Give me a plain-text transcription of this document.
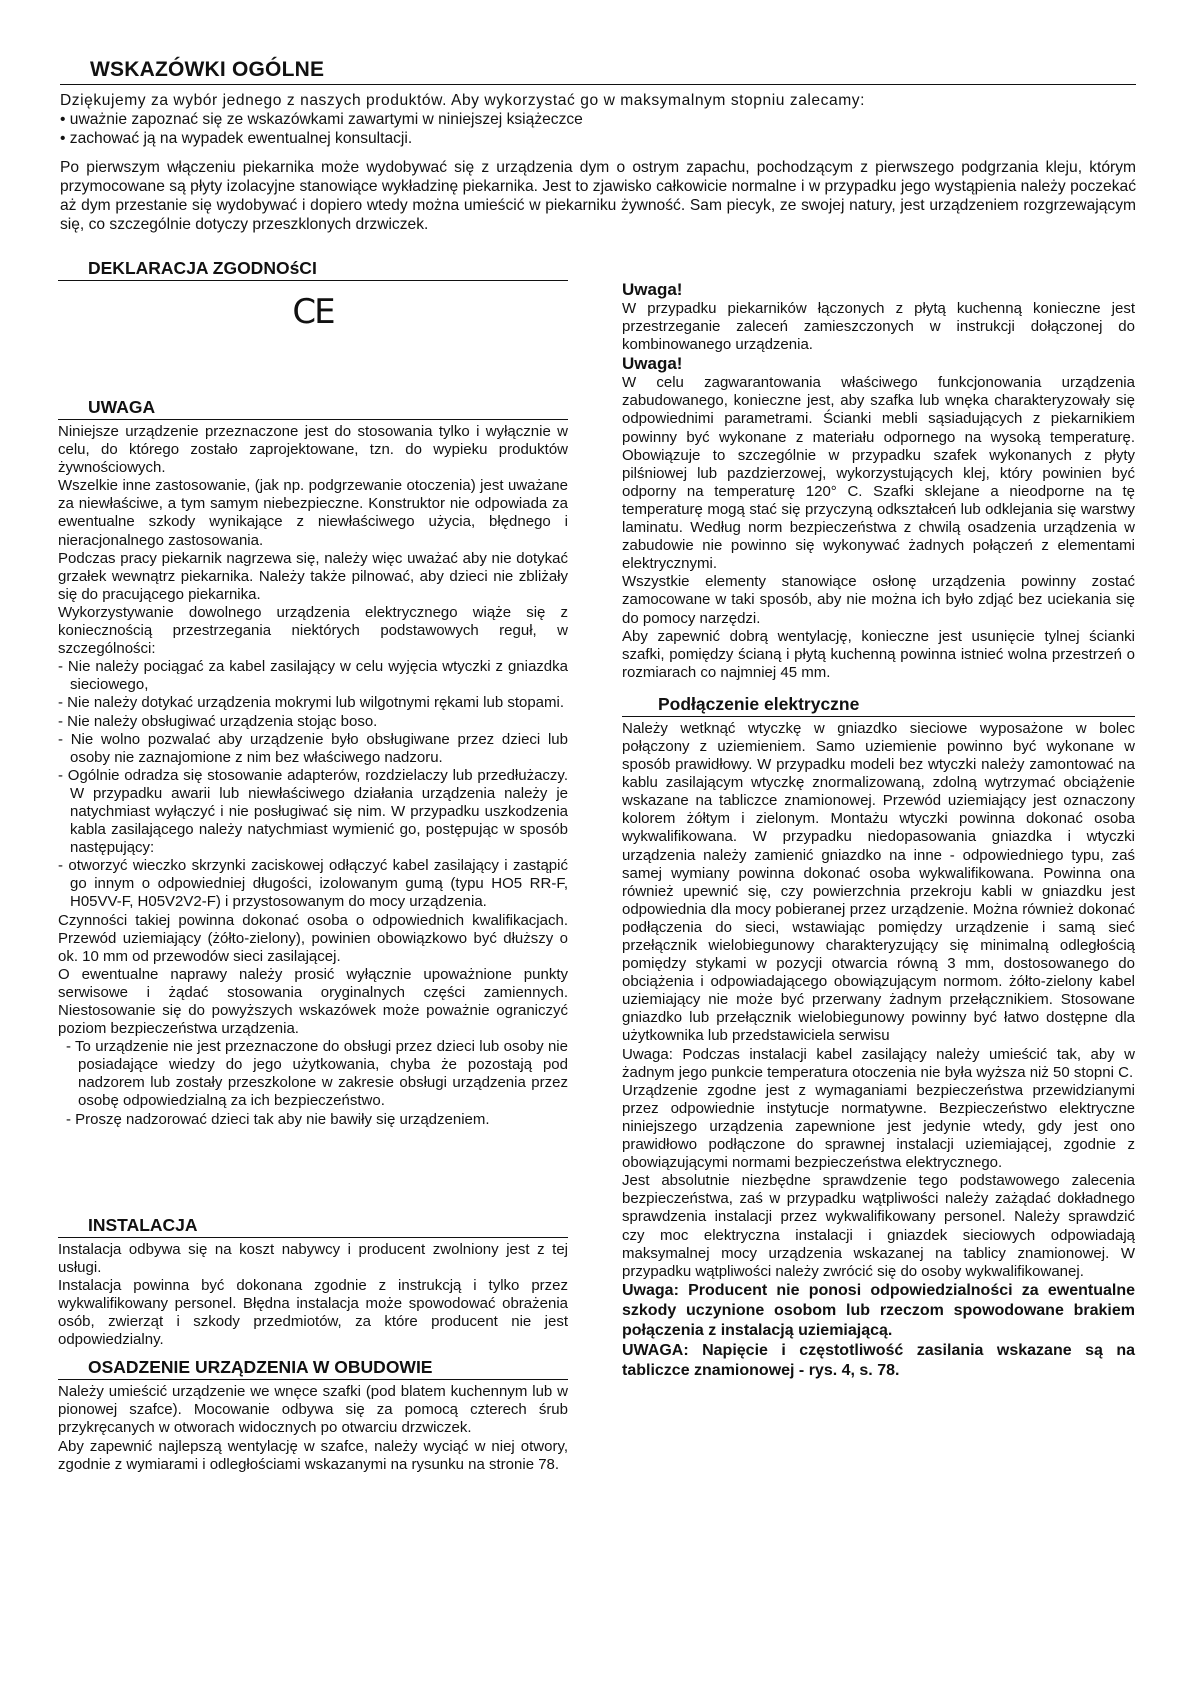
WSKAZÓWKI OGÓLNE

Dziękujemy za wybór jednego z naszych produktów. Aby wykorzystać go w maksymalnym stopniu zalecamy:

• uważnie zapoznać się ze wskazówkami zawartymi w niniejszej książeczce

• zachować ją na wypadek ewentualnej konsultacji.

Po pierwszym włączeniu piekarnika może wydobywać się z urządzenia dym o ostrym zapachu, pochodzącym z pierwszego podgrzania kleju, którym przymocowane są płyty izolacyjne stanowiące wykładzinę piekarnika. Jest to zjawisko całkowicie normalne i w przypadku jego wystąpienia należy poczekać aż dym przestanie się wydobywać i dopiero wtedy można umieścić w piekarniku żywność. Sam piecyk, ze swojej natury, jest urządzeniem rozgrzewającym się, co szczególnie dotyczy przeszklonych drzwiczek.

DEKLARACJA ZGODNOśCI
CE
UWAGA

Niniejsze urządzenie przeznaczone jest do stosowania tylko i wyłącznie w celu, do którego zostało zaprojektowane, tzn. do wypieku produktów żywnościowych.

Wszelkie inne zastosowanie, (jak np. podgrzewanie otoczenia) jest uważane za niewłaściwe, a tym samym niebezpieczne. Konstruktor nie odpowiada za ewentualne szkody wynikające z niewłaściwego użycia, błędnego i nieracjonalnego zastosowania.

Podczas pracy piekarnik nagrzewa się, należy więc uważać aby nie dotykać grzałek wewnątrz piekarnika. Należy także pilnować, aby dzieci nie zbliżały się do pracującego piekarnika.

Wykorzystywanie dowolnego urządzenia elektrycznego wiąże się z koniecznością przestrzegania niektórych podstawowych reguł, w szczególności:

- Nie należy pociągać za kabel zasilający w celu wyjęcia wtyczki z gniazdka sieciowego,
- Nie należy dotykać urządzenia mokrymi lub wilgotnymi rękami lub stopami.
- Nie należy obsługiwać urządzenia stojąc boso.
- Nie wolno pozwalać aby urządzenie było obsługiwane przez dzieci lub osoby nie zaznajomione z nim bez właściwego nadzoru.
- Ogólnie odradza się stosowanie adapterów, rozdzielaczy lub przedłużaczy. W przypadku awarii lub niewłaściwego działania urządzenia należy je natychmiast wyłączyć i nie posługiwać się nim. W przypadku uszkodzenia kabla zasilającego należy natychmiast wymienić go, postępując w sposób następujący:
- otworzyć wieczko skrzynki zaciskowej odłączyć kabel zasilający i zastąpić go innym o odpowiedniej długości, izolowanym gumą (typu HO5 RR-F, H05VV-F, H05V2V2-F) i przystosowanym do mocy urządzenia.

Czynności takiej powinna dokonać osoba o odpowiednich kwalifikacjach. Przewód uziemiający (żółto-zielony), powinien obowiązkowo być dłuższy o ok. 10 mm od przewodów sieci zasilającej.

O ewentualne naprawy należy prosić wyłącznie upoważnione punkty serwisowe i żądać stosowania oryginalnych części zamiennych. Niestosowanie się do powyższych wskazówek może poważnie ograniczyć poziom bezpieczeństwa urządzenia.

- To urządzenie nie jest przeznaczone do obsługi przez dzieci lub osoby nie posiadające wiedzy do jego użytkowania, chyba że pozostają pod nadzorem lub zostały przeszkolone w zakresie obsługi urządzenia przez osobę odpowiedzialną za ich bezpieczeństwo.
- Proszę nadzorować dzieci tak aby nie bawiły się urządzeniem.
INSTALACJA

Instalacja odbywa się na koszt nabywcy i producent zwolniony jest z tej usługi.

Instalacja powinna być dokonana zgodnie z instrukcją i tylko przez wykwalifikowany personel. Błędna instalacja może spowodować obrażenia osób, zwierząt i szkody przedmiotów, za które producent nie jest odpowiedzialny.

OSADZENIE URZĄDZENIA W OBUDOWIE

Należy umieścić urządzenie we wnęce szafki (pod blatem kuchennym lub w pionowej szafce). Mocowanie odbywa się za pomocą czterech śrub przykręcanych w otworach widocznych po otwarciu drzwiczek.

Aby zapewnić najlepszą wentylację w szafce, należy wyciąć w niej otwory, zgodnie z wymiarami i odległościami wskazanymi na rysunku na stronie 78.

Uwaga!

W przypadku piekarników łączonych z płytą kuchenną konieczne jest przestrzeganie zaleceń zamieszczonych w instrukcji dołączonej do kombinowanego urządzenia.

Uwaga!

W celu zagwarantowania właściwego funkcjonowania urządzenia zabudowanego, konieczne jest, aby szafka lub wnęka charakteryzowały się odpowiednimi parametrami. Ścianki mebli sąsiadujących z piekarnikiem powinny być wykonane z materiału odpornego na wysoką temperaturę. Obowiązuje to szczególnie w przypadku szafek wykonanych z płyty pilśniowej lub pazdzierzowej, wykorzystujących klej, który powinien być odporny na temperaturę 120° C. Szafki sklejane a nieodporne na tę temperaturę mogą stać się przyczyną odkształceń lub odklejania się warstwy laminatu. Według norm bezpieczeństwa z chwilą osadzenia urządzenia w zabudowie nie powinno się wykonywać żadnych połączeń z elementami elektrycznymi.

Wszystkie elementy stanowiące osłonę urządzenia powinny zostać zamocowane w taki sposób, aby nie można ich było zdjąć bez uciekania się do pomocy narzędzi.

Aby zapewnić dobrą wentylację, konieczne jest usunięcie tylnej ścianki szafki, pomiędzy ścianą i płytą kuchenną powinna istnieć wolna przestrzeń o rozmiarach co najmniej 45 mm.

Podłączenie elektryczne

Należy wetknąć wtyczkę w gniazdko sieciowe wyposażone w bolec połączony z uziemieniem. Samo uziemienie powinno być wykonane w sposób prawidłowy. W przypadku modeli bez wtyczki należy zamontować na kablu zasilającym wtyczkę znormalizowaną, zdolną wytrzymać obciążenie wskazane na tabliczce znamionowej. Przewód uziemiający jest oznaczony kolorem żółtym i zielonym. Montażu wtyczki powinna dokonać osoba wykwalifikowana. W przypadku niedopasowania gniazdka i wtyczki urządzenia należy zamienić gniazdko na inne - odpowiedniego typu, zaś samej wymiany powinna dokonać osoba wykwalifikowana. Powinna ona również upewnić się, czy powierzchnia przekroju kabli w gniazdku jest odpowiednia dla mocy pobieranej przez urządzenie. Można również dokonać podłączenia do sieci, wstawiając pomiędzy urządzenie i samą sieć przełącznik wielobiegunowy charakteryzujący się minimalną odległością pomiędzy stykami w pozycji otwarcia równą 3 mm, dostosowanego do obciążenia i odpowiadającego obowiązującym normom. żółto-zielony kabel uziemiający nie może być przerwany żadnym przełącznikiem. Stosowane gniazdko lub przełącznik wielobiegunowy powinny być łatwo dostępne dla użytkownika lub przedstawiciela serwisu

Uwaga: Podczas instalacji kabel zasilający należy umieścić tak, aby w żadnym jego punkcie temperatura otoczenia nie była wyższa niż 50 stopni C.

Urządzenie zgodne jest z wymaganiami bezpieczeństwa przewidzianymi przez odpowiednie instytucje normatywne. Bezpieczeństwo elektryczne niniejszego urządzenia zapewnione jest jedynie wtedy, gdy jest ono prawidłowo podłączone do sprawnej instalacji uziemiającej, zgodnie z obowiązującymi normami bezpieczeństwa elektrycznego.

Jest absolutnie niezbędne sprawdzenie tego podstawowego zalecenia bezpieczeństwa, zaś w przypadku wątpliwości należy zażądać dokładnego sprawdzenia instalacji przez wykwalifikowany personel. Należy sprawdzić czy moc elektryczna instalacji i gniazdek sieciowych odpowiadają maksymalnej mocy urządzenia wskazanej na tablicy znamionowej. W przypadku wątpliwości należy zwrócić się do osoby wykwalifikowanej.

Uwaga: Producent nie ponosi odpowiedzialności za ewentualne szkody uczynione osobom lub rzeczom spowodowane brakiem połączenia z instalacją uziemiającą.

UWAGA: Napięcie i częstotliwość zasilania wskazane są na tabliczce znamionowej - rys. 4, s. 78.
